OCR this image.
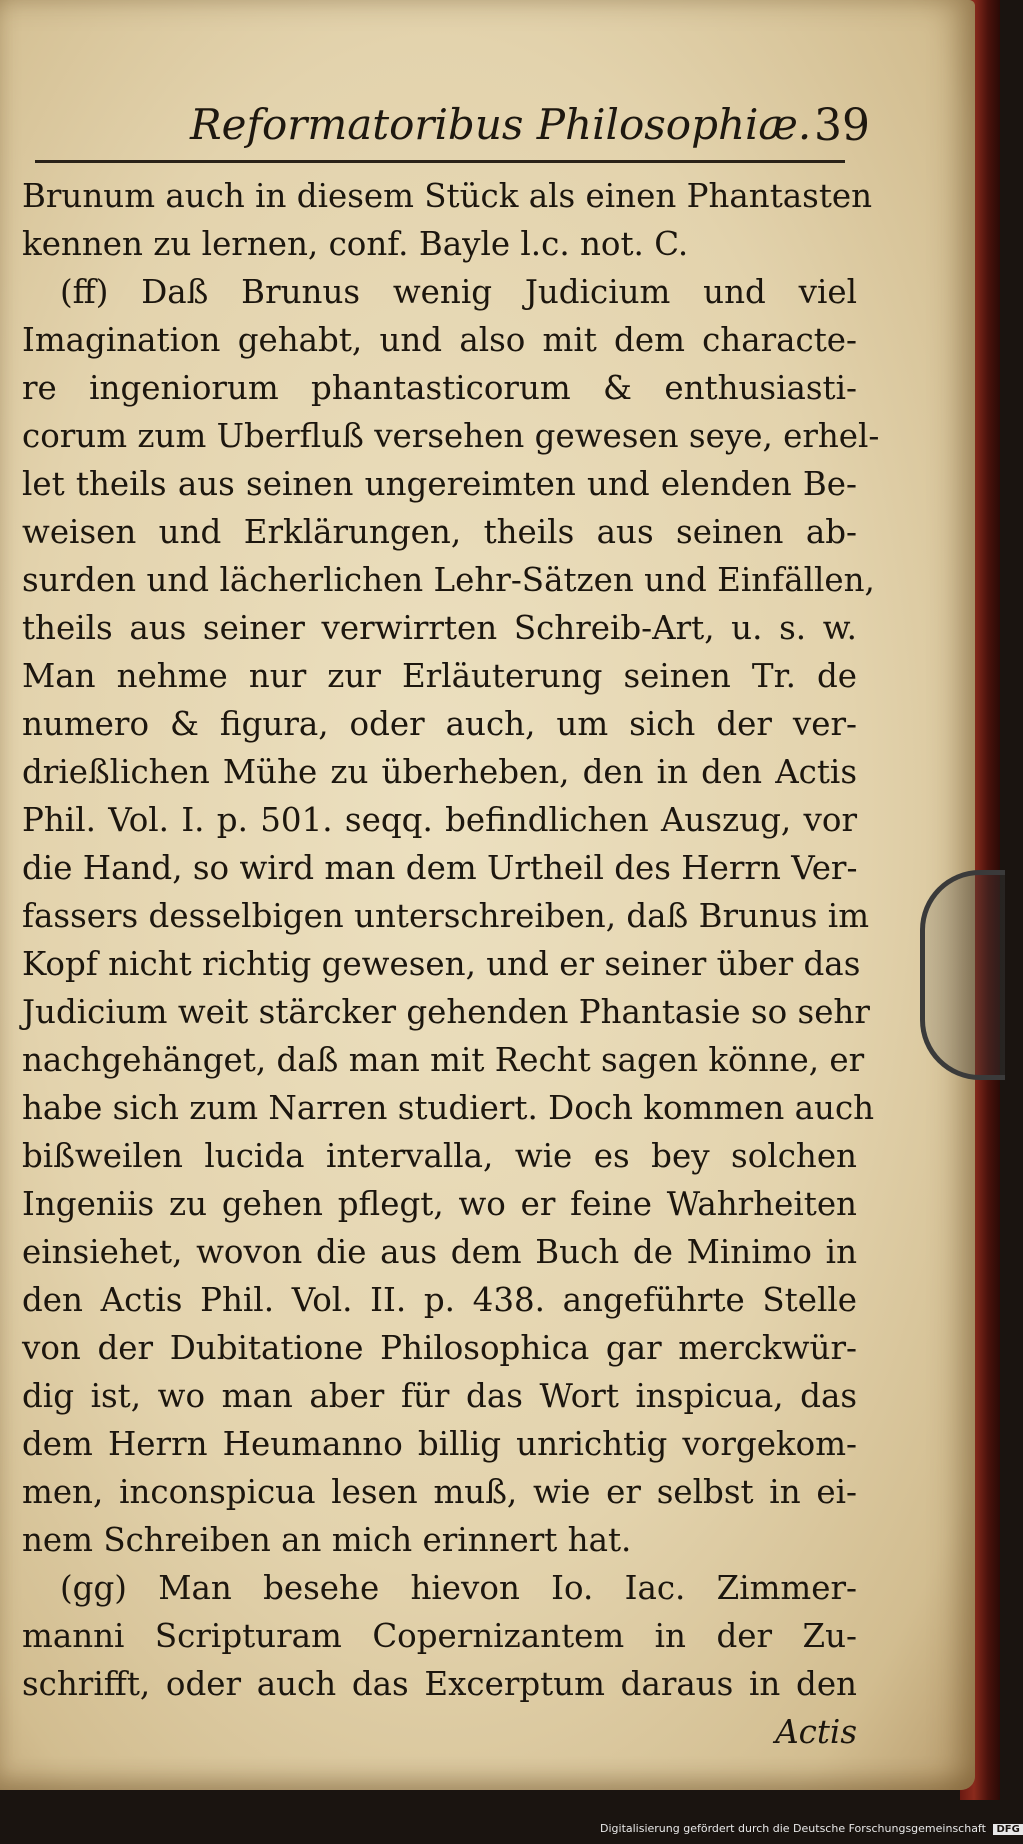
Reformatoribus Philosophiæ. 39
Brunum auch in diesem Stück als einen Phantasten
kennen zu lernen, conf. Bayle l.c. not. C.
(ff) Daß Brunus wenig Judicium und viel
Imagination gehabt, und also mit dem characte-
re ingeniorum phantasticorum & enthusiasti-
corum zum Uberfluß versehen gewesen seye, erhel-
let theils aus seinen ungereimten und elenden Be-
weisen und Erklärungen, theils aus seinen ab-
surden und lächerlichen Lehr-Sätzen und Einfällen,
theils aus seiner verwirrten Schreib-Art, u. s. w.
Man nehme nur zur Erläuterung seinen Tr. de
numero & figura, oder auch, um sich der ver-
drießlichen Mühe zu überheben, den in den Actis
Phil. Vol. I. p. 501. seqq. befindlichen Auszug, vor
die Hand, so wird man dem Urtheil des Herrn Ver-
fassers desselbigen unterschreiben, daß Brunus im
Kopf nicht richtig gewesen, und er seiner über das
Judicium weit stärcker gehenden Phantasie so sehr
nachgehänget, daß man mit Recht sagen könne, er
habe sich zum Narren studiert. Doch kommen auch
bißweilen lucida intervalla, wie es bey solchen
Ingeniis zu gehen pflegt, wo er feine Wahrheiten
einsiehet, wovon die aus dem Buch de Minimo in
den Actis Phil. Vol. II. p. 438. angeführte Stelle
von der Dubitatione Philosophica gar merckwür-
dig ist, wo man aber für das Wort inspicua, das
dem Herrn Heumanno billig unrichtig vorgekom-
men, inconspicua lesen muß, wie er selbst in ei-
nem Schreiben an mich erinnert hat.
(gg) Man besehe hievon Io. Iac. Zimmer-
manni Scripturam Copernizantem in der Zu-
schrifft, oder auch das Excerptum daraus in den
Actis
Digitalisierung gefördert durch die Deutsche Forschungsgemeinschaft DFG
